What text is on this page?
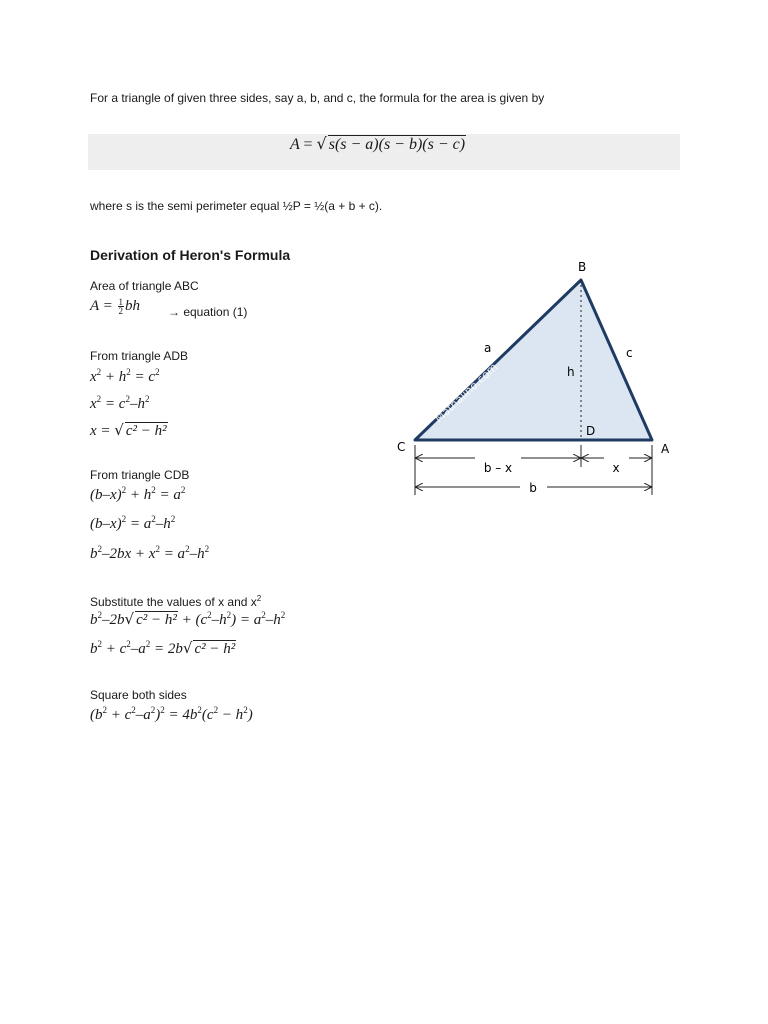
For a triangle of given three sides, say a, b, and c, the formula for the area is given by
A = √ s(s − a)(s − b)(s − c)
where s is the semi perimeter equal ½P = ½(a + b + c).
Derivation of Heron's Formula
Area of triangle ABC
$A = \frac{1}{2}$ bh → equation (1)
From triangle ADB
$x^2 + h^2 = c^2$
$x^2 = c^2-h^2$
x = √ c² − h²
From triangle CDB
$(b-x)^2 + h^2 = a^2$
$(b-x)^2 = a^2-h^2$
$b^2-2bx + x^2 = a^2-h^2$
Substitute the values of x and $x^2$
$b^2-2b√$ $c^2 - h^2 + (c^2-h^2) = a^2-h^2$
$b^2 + c^2-a^2 = 2b√$ c² − h²
Square both sides
$(b^2 + c^2-a^2)^2 = 4b^2(c^2 - h^2)$
Mathalino.com
B
C	A
D
a	c
h
b – x	x
b
